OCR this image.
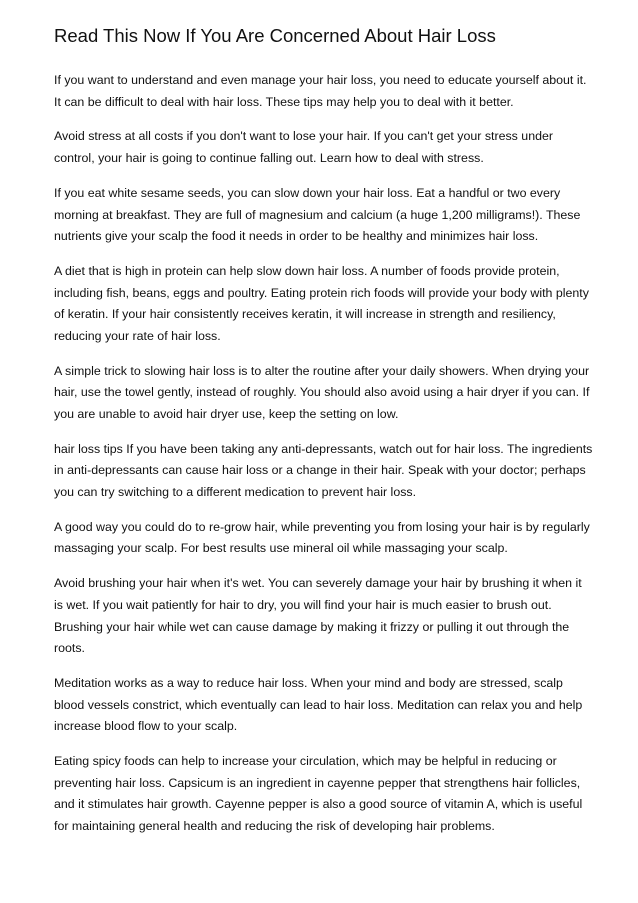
Read This Now If You Are Concerned About Hair Loss

If you want to understand and even manage your hair loss, you need to educate yourself about it. It can be difficult to deal with hair loss. These tips may help you to deal with it better.

Avoid stress at all costs if you don't want to lose your hair. If you can't get your stress under control, your hair is going to continue falling out. Learn how to deal with stress.

If you eat white sesame seeds, you can slow down your hair loss. Eat a handful or two every morning at breakfast. They are full of magnesium and calcium (a huge 1,200 milligrams!). These nutrients give your scalp the food it needs in order to be healthy and minimizes hair loss.

A diet that is high in protein can help slow down hair loss. A number of foods provide protein, including fish, beans, eggs and poultry. Eating protein rich foods will provide your body with plenty of keratin. If your hair consistently receives keratin, it will increase in strength and resiliency, reducing your rate of hair loss.

A simple trick to slowing hair loss is to alter the routine after your daily showers. When drying your hair, use the towel gently, instead of roughly. You should also avoid using a hair dryer if you can. If you are unable to avoid hair dryer use, keep the setting on low.

hair loss tips If you have been taking any anti-depressants, watch out for hair loss. The ingredients in anti-depressants can cause hair loss or a change in their hair. Speak with your doctor; perhaps you can try switching to a different medication to prevent hair loss.

A good way you could do to re-grow hair, while preventing you from losing your hair is by regularly massaging your scalp. For best results use mineral oil while massaging your scalp.

Avoid brushing your hair when it's wet. You can severely damage your hair by brushing it when it is wet. If you wait patiently for hair to dry, you will find your hair is much easier to brush out. Brushing your hair while wet can cause damage by making it frizzy or pulling it out through the roots.

Meditation works as a way to reduce hair loss. When your mind and body are stressed, scalp blood vessels constrict, which eventually can lead to hair loss. Meditation can relax you and help increase blood flow to your scalp.

Eating spicy foods can help to increase your circulation, which may be helpful in reducing or preventing hair loss. Capsicum is an ingredient in cayenne pepper that strengthens hair follicles, and it stimulates hair growth. Cayenne pepper is also a good source of vitamin A, which is useful for maintaining general health and reducing the risk of developing hair problems.
